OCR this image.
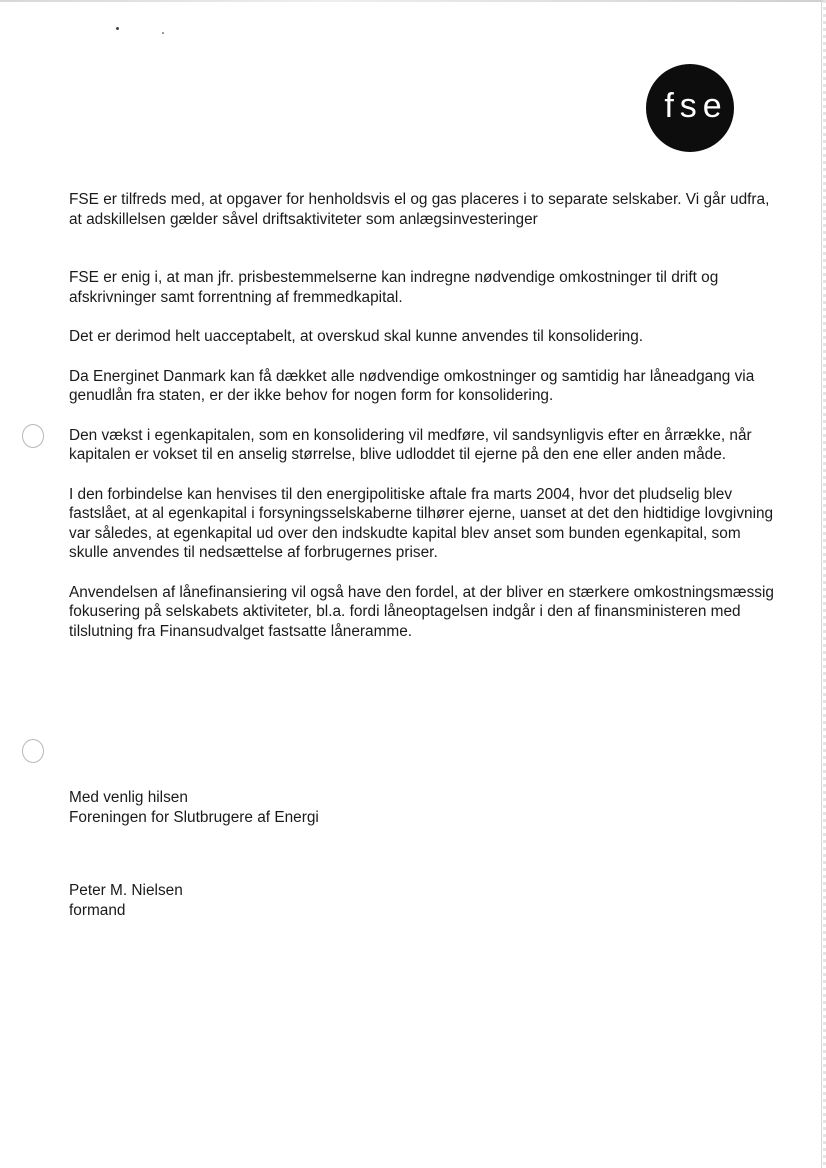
fse

FSE er tilfreds med, at opgaver for henholdsvis el og gas placeres i to separate selskaber. Vi går udfra, at adskillelsen gælder såvel driftsaktiviteter som anlægsinvesteringer

FSE er enig i, at man jfr. prisbestemmelserne kan indregne nødvendige omkostninger til drift og afskrivninger samt forrentning af fremmedkapital.

Det er derimod helt uacceptabelt, at overskud skal kunne anvendes til konsolidering.

Da Energinet Danmark kan få dækket alle nødvendige omkostninger og samtidig har låneadgang via genudlån fra staten, er der ikke behov for nogen form for konsolidering.

Den vækst i egenkapitalen, som en konsolidering vil medføre, vil sandsynligvis efter en årrække, når kapitalen er vokset til en anselig størrelse, blive udloddet til ejerne på den ene eller anden måde.

I den forbindelse kan henvises til den energipolitiske aftale fra marts 2004, hvor det pludselig blev fastslået, at al egenkapital i forsyningsselskaberne tilhører ejerne, uanset at det den hidtidige lovgivning var således, at egenkapital ud over den indskudte kapital blev anset som bunden egenkapital, som skulle anvendes til nedsættelse af forbrugernes priser.

Anvendelsen af lånefinansiering vil også have den fordel, at der bliver en stærkere omkostningsmæssig fokusering på selskabets aktiviteter, bl.a. fordi låneoptagelsen indgår i den af finansministeren med tilslutning fra Finansudvalget fastsatte låneramme.

Med venlig hilsen
Foreningen for Slutbrugere af Energi
Peter M. Nielsen
formand
